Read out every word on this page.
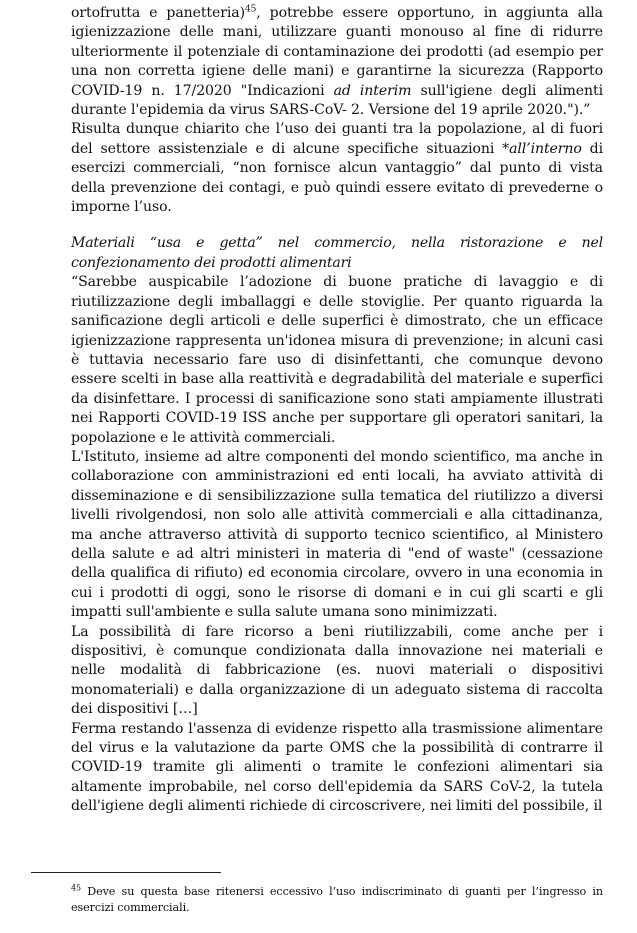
ortofrutta e panetteria)$^{45}$, potrebbe essere opportuno, in aggiunta alla igienizzazione delle mani, utilizzare guanti monouso al fine di ridurre ulteriormente il potenziale di contaminazione dei prodotti (ad esempio per una non corretta igiene delle mani) e garantirne la sicurezza (Rapporto COVID-19 n. 17/2020 "Indicazioni ad interim sull'igiene degli alimenti durante l'epidemia da virus SARS-CoV- 2. Versione del 19 aprile 2020.").”

Risulta dunque chiarito che l’uso dei guanti tra la popolazione, al di fuori del settore assistenziale e di alcune specifiche situazioni *all’interno di esercizi commerciali, “non fornisce alcun vantaggio” dal punto di vista della prevenzione dei contagi, e può quindi essere evitato di prevederne o imporne l’uso.

Materiali “usa e getta” nel commercio, nella ristorazione e nel confezionamento dei prodotti alimentari

“Sarebbe auspicabile l’adozione di buone pratiche di lavaggio e di riutilizzazione degli imballaggi e delle stoviglie. Per quanto riguarda la sanificazione degli articoli e delle superfici è dimostrato, che un efficace igienizzazione rappresenta un'idonea misura di prevenzione; in alcuni casi è tuttavia necessario fare uso di disinfettanti, che comunque devono essere scelti in base alla reattività e degradabilità del materiale e superfici da disinfettare. I processi di sanificazione sono stati ampiamente illustrati nei Rapporti COVID-19 ISS anche per supportare gli operatori sanitari, la popolazione e le attività commerciali.

L'Istituto, insieme ad altre componenti del mondo scientifico, ma anche in collaborazione con amministrazioni ed enti locali, ha avviato attività di disseminazione e di sensibilizzazione sulla tematica del riutilizzo a diversi livelli rivolgendosi, non solo alle attività commerciali e alla cittadinanza, ma anche attraverso attività di supporto tecnico scientifico, al Ministero della salute e ad altri ministeri in materia di "end of waste" (cessazione della qualifica di rifiuto) ed economia circolare, ovvero in una economia in cui i prodotti di oggi, sono le risorse di domani e in cui gli scarti e gli impatti sull'ambiente e sulla salute umana sono minimizzati.

La possibilità di fare ricorso a beni riutilizzabili, come anche per i dispositivi, è comunque condizionata dalla innovazione nei materiali e nelle modalità di fabbricazione (es. nuovi materiali o dispositivi monomateriali) e dalla organizzazione di un adeguato sistema di raccolta dei dispositivi […]

Ferma restando l'assenza di evidenze rispetto alla trasmissione alimentare del virus e la valutazione da parte OMS che la possibilità di contrarre il COVID-19 tramite gli alimenti o tramite le confezioni alimentari sia altamente improbabile, nel corso dell'epidemia da SARS CoV-2, la tutela dell'igiene degli alimenti richiede di circoscrivere, nei limiti del possibile, il

$^{45}$ Deve su questa base ritenersi eccessivo l’uso indiscriminato di guanti per l’ingresso in esercizi commerciali.
